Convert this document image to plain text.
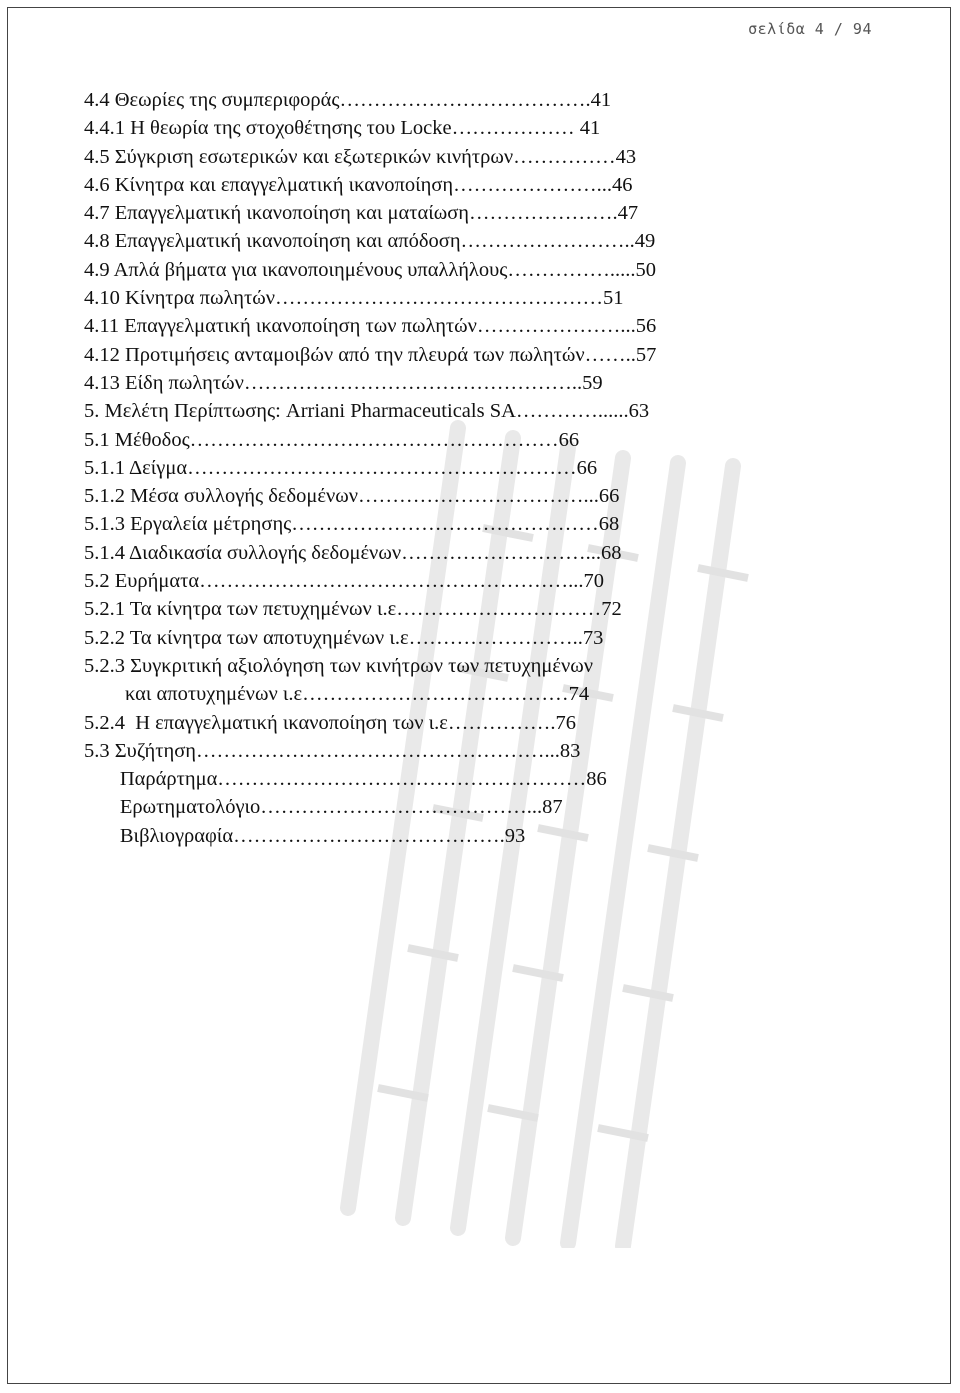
σελίδα 4 / 94
4.4 Θεωρίες της συμπεριφοράς……………………………….41
4.4.1 Η θεωρία της στοχοθέτησης του Locke……………… 41
4.5 Σύγκριση εσωτερικών και εξωτερικών κινήτρων……………43
4.6 Κίνητρα και επαγγελματική ικανοποίηση…………………...46
4.7 Επαγγελματική ικανοποίηση και ματαίωση………………….47
4.8 Επαγγελματική ικανοποίηση και απόδοση……………………..49
4.9 Απλά βήματα για ικανοποιημένους υπαλλήλους…………….....50
4.10 Κίνητρα πωλητών…………………………………………51
4.11 Επαγγελματική ικανοποίηση των πωλητών…………………...56
4.12 Προτιμήσεις ανταμοιβών από την πλευρά των πωλητών……..57
4.13 Είδη πωλητών…………………………………………..59
5. Μελέτη Περίπτωσης: Arriani Pharmaceuticals SA…………......63
5.1 Μέθοδος………………………………………………66
5.1.1 Δείγμα…………………………………………………66
5.1.2 Μέσα συλλογής δεδομένων……………………………...66
5.1.3 Εργαλεία μέτρησης………………………………………68
5.1.4 Διαδικασία συλλογής δεδομένων………………………...68
5.2 Ευρήματα………………………………………………...70
5.2.1 Τα κίνητρα των πετυχημένων ι.ε…………………………72
5.2.2 Τα κίνητρα των αποτυχημένων ι.ε……………………..73
5.2.3 Συγκριτική αξιολόγηση των κινήτρων των πετυχημένων
και αποτυχημένων ι.ε…………………………………74
5.2.4  Η επαγγελματική ικανοποίηση των ι.ε…………….76
5.3 Συζήτηση……………………………………………...83
Παράρτημα………………………………………………86
Ερωτηματολόγιο…………………………………...87
Βιβλιογραφία………………………………….93
